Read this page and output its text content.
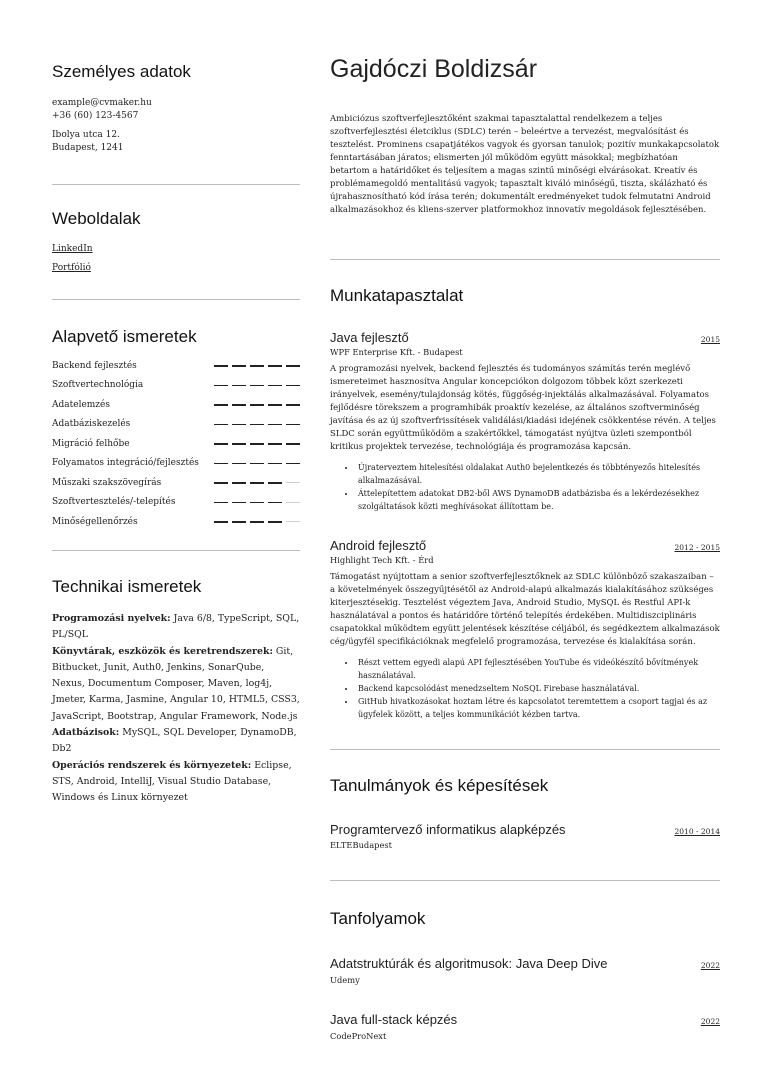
Személyes adatok
example@cvmaker.hu
+36 (60) 123-4567
Ibolya utca 12.
Budapest, 1241
Weboldalak
LinkedIn
Portfólió
Alapvető ismeretek
Backend fejlesztés
Szoftvertechnológia
Adatelemzés
Adatbáziskezelés
Migráció felhőbe
Folyamatos integráció/fejlesztés
Műszaki szakszövegírás
Szoftvertesztelés/-telepítés
Minőségellenőrzés
Technikai ismeretek
Programozási nyelvek: Java 6/8, TypeScript, SQL, PL/SQL
Könyvtárak, eszközök és keretrendszerek: Git, Bitbucket, Junit, Auth0, Jenkins, SonarQube, Nexus, Documentum Composer, Maven, log4j, Jmeter, Karma, Jasmine, Angular 10, HTML5, CSS3, JavaScript, Bootstrap, Angular Framework, Node.js
Adatbázisok: MySQL, SQL Developer, DynamoDB, Db2
Operációs rendszerek és környezetek: Eclipse, STS, Android, IntelliJ, Visual Studio Database, Windows és Linux környezet
Gajdóczi Boldizsár

Ambiciózus szoftverfejlesztőként szakmai tapasztalattal rendelkezem a teljes szoftverfejlesztési életciklus (SDLC) terén – beleértve a tervezést, megvalósítást és tesztelést. Prominens csapatjátékos vagyok és gyorsan tanulok; pozitív munkakapcsolatok fenntartásában járatos; elismerten jól működöm együtt másokkal; megbízhatóan betartom a határidőket és teljesítem a magas szintű minőségi elvárásokat. Kreatív és problémamegoldó mentalitású vagyok; tapasztalt kiváló minőségű, tiszta, skálázható és újrahasznosítható kód írása terén; dokumentált eredményeket tudok felmutatni Android alkalmazásokhoz és kliens-szerver platformokhoz innovatív megoldások fejlesztésében.

Munkatapasztalat
Java fejlesztő	2015
WPF Enterprise Kft. - Budapest

A programozási nyelvek, backend fejlesztés és tudományos számítás terén meglévő ismereteimet hasznosítva Angular koncepciókon dolgozom többek közt szerkezeti irányelvek, esemény/tulajdonság kötés, függőség-injektálás alkalmazásával. Folyamatos fejlődésre törekszem a programhibák proaktív kezelése, az általános szoftverminőség javítása és az új szoftverfrissítések validálási/kiadási idejének csökkentése révén. A teljes SLDC során együttműködöm a szakértőkkel, támogatást nyújtva üzleti szempontból kritikus projektek tervezése, technológiája és programozása kapcsán.

• Újraterveztem hitelesítési oldalakat Auth0 bejelentkezés és többtényezős hitelesítés alkalmazásával.
• Áttelepítettem adatokat DB2-ből AWS DynamoDB adatbázisba és a lekérdezésekhez szolgáltatások közti meghívásokat állítottam be.
Android fejlesztő	2012 - 2015
Highlight Tech Kft. - Érd

Támogatást nyújtottam a senior szoftverfejlesztőknek az SDLC különböző szakaszaiban – a követelmények összegyűjtésétől az Android-alapú alkalmazás kialakításához szükséges kiterjesztésekig. Tesztelést végeztem Java, Android Studio, MySQL és Restful API-k használatával a pontos és határidőre történő telepítés érdekében. Multidiszciplináris csapatokkal működtem együtt jelentések készítése céljából, és segédkeztem alkalmazások cég/ügyfél specifikációknak megfelelő programozása, tervezése és kialakítása során.

• Részt vettem egyedi alapú API fejlesztésében YouTube és videókészítő bővítmények használatával.
• Backend kapcsolódást menedzseltem NoSQL Firebase használatával.
• GitHub hivatkozásokat hoztam létre és kapcsolatot teremtettem a csoport tagjai és az ügyfelek között, a teljes kommunikációt kézben tartva.
Tanulmányok és képesítések
Programtervező informatikus alapképzés	2010 - 2014
ELTEBudapest
Tanfolyamok
Adatstruktúrák és algoritmusok: Java Deep Dive	2022
Udemy
Java full-stack képzés	2022
CodeProNext
